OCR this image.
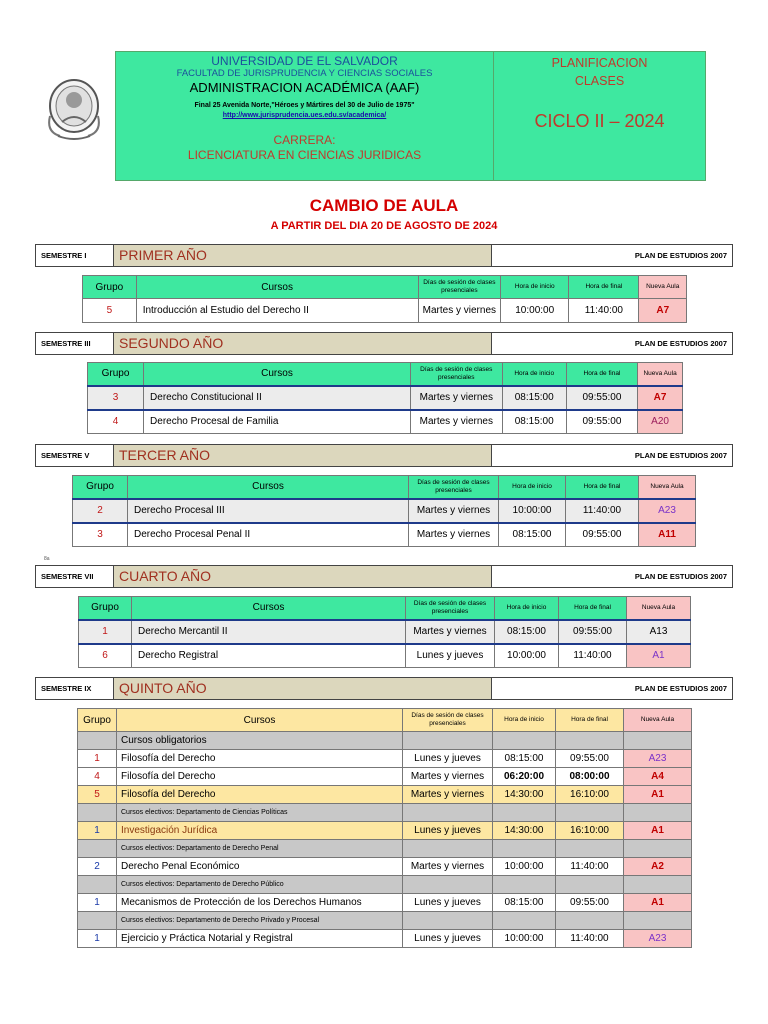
UNIVERSIDAD DE EL SALVADOR
FACULTAD DE JURISPRUDENCIA Y CIENCIAS SOCIALES
ADMINISTRACION ACADÉMICA (AAF)
Final 25 Avenida Norte,"Héroes y Mártires del 30 de Julio de 1975"
http://www.jurisprudencia.ues.edu.sv/academica/
CARRERA:
LICENCIATURA EN CIENCIAS JURIDICAS
PLANIFICACION
CLASES
CICLO II – 2024
CAMBIO DE AULA
A PARTIR DEL DIA 20 DE AGOSTO DE 2024
SEMESTRE I	PRIMER AÑO	PLAN DE ESTUDIOS 2007
Grupo	Cursos	Días de sesión de clases presenciales	Hora de inicio	Hora de final	Nueva Aula
5	Introducción al Estudio del Derecho II	Martes y viernes	10:00:00	11:40:00	A7
SEMESTRE III	SEGUNDO AÑO	PLAN DE ESTUDIOS 2007
Grupo	Cursos	Días de sesión de clases presenciales	Hora de inicio	Hora de final	Nueva Aula
3	Derecho Constitucional II	Martes y viernes	08:15:00	09:55:00	A7
4	Derecho Procesal de Familia	Martes y viernes	08:15:00	09:55:00	A20
SEMESTRE V	TERCER AÑO	PLAN DE ESTUDIOS 2007
Grupo	Cursos	Días de sesión de clases presenciales	Hora de inicio	Hora de final	Nueva Aula
2	Derecho Procesal III	Martes y viernes	10:00:00	11:40:00	A23
3	Derecho Procesal Penal II	Martes y viernes	08:15:00	09:55:00	A11
8a
SEMESTRE VII	CUARTO AÑO	PLAN DE ESTUDIOS 2007
Grupo	Cursos	Días de sesión de clases presenciales	Hora de inicio	Hora de final	Nueva Aula
1	Derecho Mercantil II	Martes y viernes	08:15:00	09:55:00	A13
6	Derecho Registral	Lunes y jueves	10:00:00	11:40:00	A1
SEMESTRE IX	QUINTO AÑO	PLAN DE ESTUDIOS 2007
Grupo	Cursos	Días de sesión de clases presenciales	Hora de inicio	Hora de final	Nueva Aula
	Cursos obligatorios				
1	Filosofía del Derecho	Lunes y jueves	08:15:00	09:55:00	A23
4	Filosofía del Derecho	Martes y viernes	06:20:00	08:00:00	A4
5	Filosofía del Derecho	Martes y viernes	14:30:00	16:10:00	A1
	Cursos electivos: Departamento de Ciencias Políticas				
1	Investigación Jurídica	Lunes y jueves	14:30:00	16:10:00	A1
	Cursos electivos: Departamento de Derecho Penal				
2	Derecho Penal Económico	Martes y viernes	10:00:00	11:40:00	A2
	Cursos electivos: Departamento de Derecho Público				
1	Mecanismos de Protección de los Derechos Humanos	Lunes y jueves	08:15:00	09:55:00	A1
	Cursos electivos: Departamento de Derecho Privado y Procesal				
1	Ejercicio y Práctica Notarial y Registral	Lunes y jueves	10:00:00	11:40:00	A23
